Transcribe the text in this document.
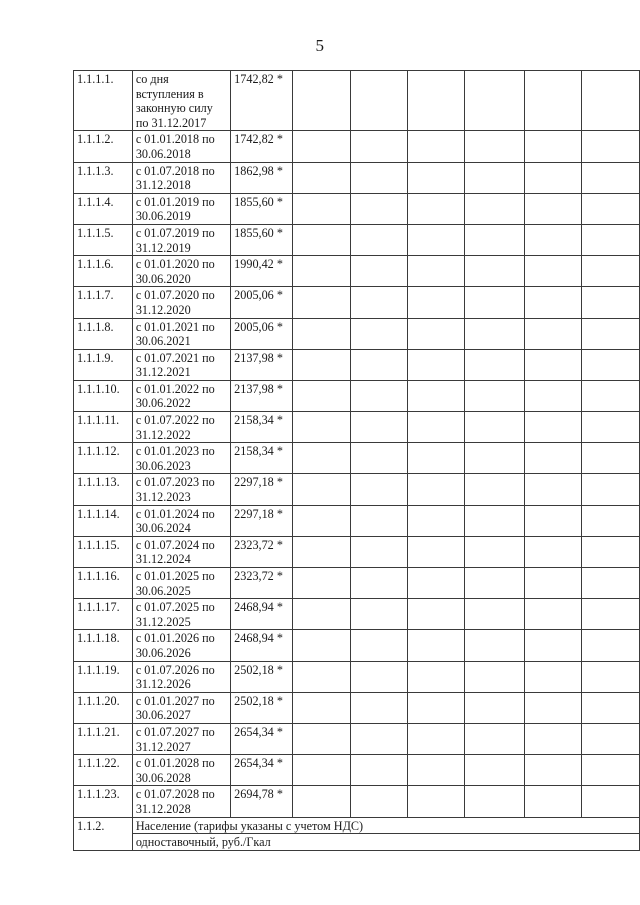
5
1.1.1.1.	со дня вступления в законную силу по 31.12.2017	1742,82 *						
1.1.1.2.	с 01.01.2018 по 30.06.2018	1742,82 *						
1.1.1.3.	с 01.07.2018 по 31.12.2018	1862,98 *						
1.1.1.4.	с 01.01.2019 по 30.06.2019	1855,60 *						
1.1.1.5.	с 01.07.2019 по 31.12.2019	1855,60 *						
1.1.1.6.	с 01.01.2020 по 30.06.2020	1990,42 *						
1.1.1.7.	с 01.07.2020 по 31.12.2020	2005,06 *						
1.1.1.8.	с 01.01.2021 по 30.06.2021	2005,06 *						
1.1.1.9.	с 01.07.2021 по 31.12.2021	2137,98 *						
1.1.1.10.	с 01.01.2022 по 30.06.2022	2137,98 *						
1.1.1.11.	с 01.07.2022 по 31.12.2022	2158,34 *						
1.1.1.12.	с 01.01.2023 по 30.06.2023	2158,34 *						
1.1.1.13.	с 01.07.2023 по 31.12.2023	2297,18 *						
1.1.1.14.	с 01.01.2024 по 30.06.2024	2297,18 *						
1.1.1.15.	с 01.07.2024 по 31.12.2024	2323,72 *						
1.1.1.16.	с 01.01.2025 по 30.06.2025	2323,72 *						
1.1.1.17.	с 01.07.2025 по 31.12.2025	2468,94 *						
1.1.1.18.	с 01.01.2026 по 30.06.2026	2468,94 *						
1.1.1.19.	с 01.07.2026 по 31.12.2026	2502,18 *						
1.1.1.20.	с 01.01.2027 по 30.06.2027	2502,18 *						
1.1.1.21.	с 01.07.2027 по 31.12.2027	2654,34 *						
1.1.1.22.	с 01.01.2028 по 30.06.2028	2654,34 *						
1.1.1.23.	с 01.07.2028 по 31.12.2028	2694,78 *						
1.1.2.	Население (тарифы указаны с учетом НДС)							
	одноставочный, руб./Гкал							
